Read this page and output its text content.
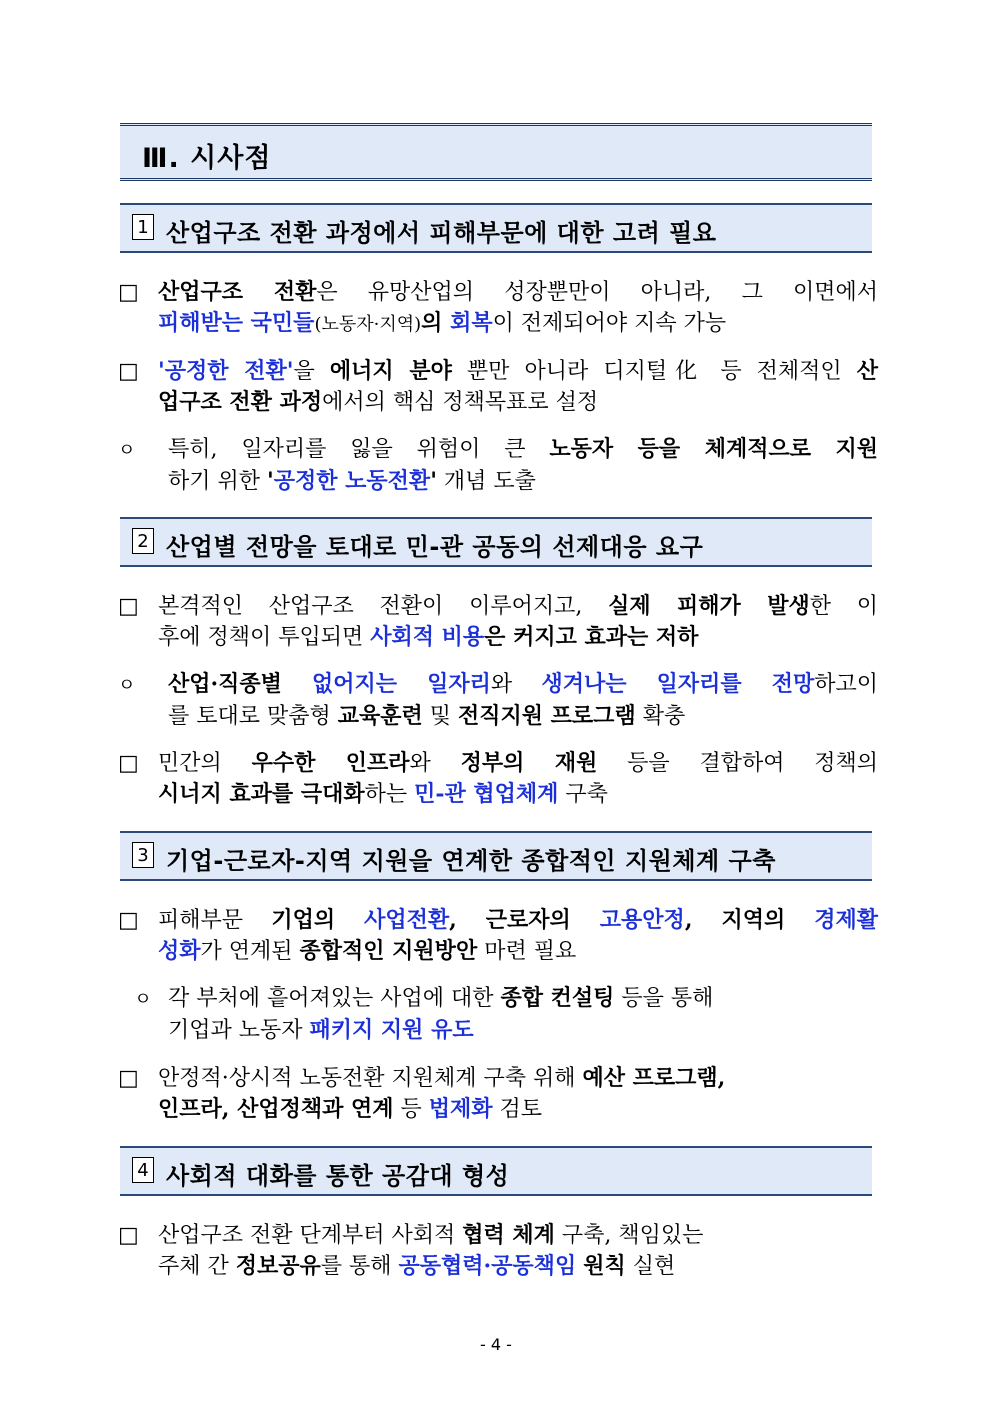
Ⅲ. 시사점
1 산업구조 전환 과정에서 피해부문에 대한 고려 필요
□ 산업구조 전환은 유망산업의 성장뿐만이 아니라, 그 이면에서
피해받는 국민들(노동자·지역)의 회복이 전제되어야 지속 가능
□ '공정한 전환'을 에너지 분야 뿐만 아니라 디지털化 등 전체적인 산
업구조 전환 과정에서의 핵심 정책목표로 설정
ㅇ 특히, 일자리를 잃을 위험이 큰 노동자 등을 체계적으로 지원
하기 위한 '공정한 노동전환' 개념 도출
2 산업별 전망을 토대로 민-관 공동의 선제대응 요구
□ 본격적인 산업구조 전환이 이루어지고, 실제 피해가 발생한 이
후에 정책이 투입되면 사회적 비용은 커지고 효과는 저하
ㅇ 산업·직종별 없어지는 일자리와 생겨나는 일자리를 전망하고이
를 토대로 맞춤형 교육훈련 및 전직지원 프로그램 확충
□ 민간의 우수한 인프라와 정부의 재원 등을 결합하여 정책의
시너지 효과를 극대화하는 민-관 협업체계 구축
3 기업-근로자-지역 지원을 연계한 종합적인 지원체계 구축
□ 피해부문 기업의 사업전환, 근로자의 고용안정, 지역의 경제활
성화가 연계된 종합적인 지원방안 마련 필요
ㅇ 각 부처에 흩어져있는 사업에 대한 종합 컨설팅 등을 통해
기업과 노동자 패키지 지원 유도
□ 안정적·상시적 노동전환 지원체계 구축 위해 예산 프로그램,
인프라, 산업정책과 연계 등 법제화 검토
4 사회적 대화를 통한 공감대 형성
□ 산업구조 전환 단계부터 사회적 협력 체계 구축, 책임있는
주체 간 정보공유를 통해 공동협력·공동책임 원칙 실현
- 4 -
